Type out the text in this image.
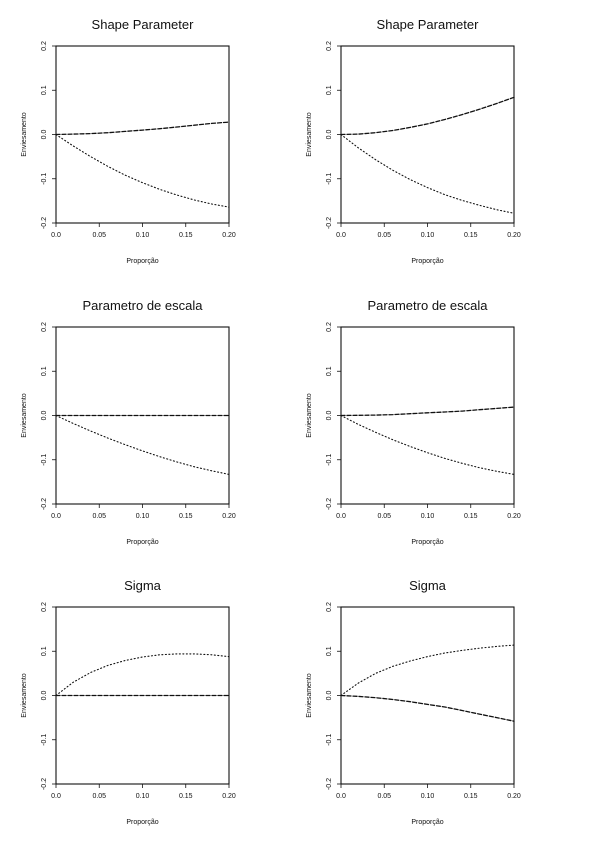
Shape Parameter
0.0	0.05	0.10	0.15	0.20
-0.2
-0.1
0.0
0.1
0.2
Proporção
Enviesamento
Shape Parameter
0.0	0.05	0.10	0.15	0.20
-0.2
-0.1
0.0
0.1
0.2
Proporção
Enviesamento
Parametro de escala
0.0	0.05	0.10	0.15	0.20
-0.2
-0.1
0.0
0.1
0.2
Proporção
Enviesamento
Parametro de escala
0.0	0.05	0.10	0.15	0.20
-0.2
-0.1
0.0
0.1
0.2
Proporção
Enviesamento
Sigma
0.0	0.05	0.10	0.15	0.20
-0.2
-0.1
0.0
0.1
0.2
Proporção
Enviesamento
Sigma
0.0	0.05	0.10	0.15	0.20
-0.2
-0.1
0.0
0.1
0.2
Proporção
Enviesamento
